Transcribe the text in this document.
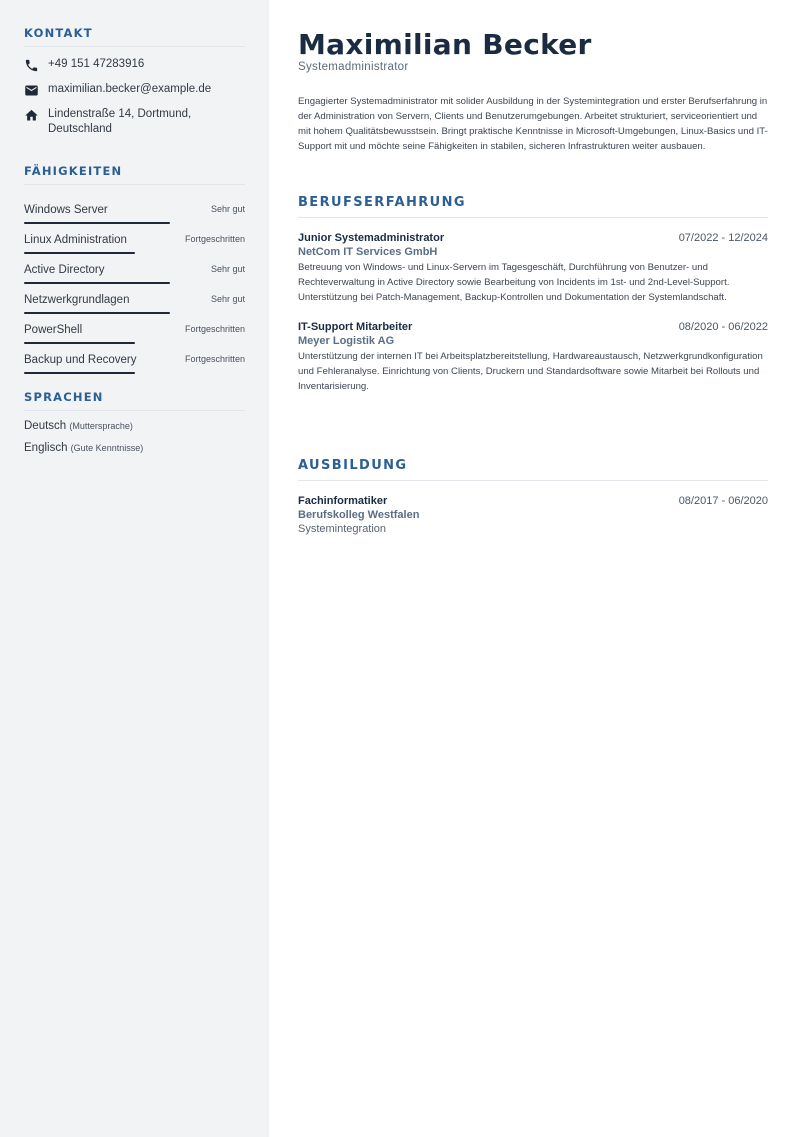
KONTAKT
+49 151 47283916
maximilian.becker@example.de
Lindenstraße 14, Dortmund, Deutschland
FÄHIGKEITEN
Windows Server	Sehr gut
Linux Administration	Fortgeschritten
Active Directory	Sehr gut
Netzwerkgrundlagen	Sehr gut
PowerShell	Fortgeschritten
Backup und Recovery	Fortgeschritten
SPRACHEN
Deutsch (Muttersprache)
Englisch (Gute Kenntnisse)
Maximilian Becker
Systemadministrator

Engagierter Systemadministrator mit solider Ausbildung in der Systemintegration und erster Berufserfahrung in der Administration von Servern, Clients und Benutzerumgebungen. Arbeitet strukturiert, serviceorientiert und mit hohem Qualitätsbewusstsein. Bringt praktische Kenntnisse in Microsoft-Umgebungen, Linux-Basics und IT-Support mit und möchte seine Fähigkeiten in stabilen, sicheren Infrastrukturen weiter ausbauen.

BERUFSERFAHRUNG
Junior Systemadministrator	07/2022 - 12/2024
NetCom IT Services GmbH
Betreuung von Windows- und Linux-Servern im Tagesgeschäft, Durchführung von Benutzer- und Rechteverwaltung in Active Directory sowie Bearbeitung von Incidents im 1st- und 2nd-Level-Support. Unterstützung bei Patch-Management, Backup-Kontrollen und Dokumentation der Systemlandschaft.
IT-Support Mitarbeiter	08/2020 - 06/2022
Meyer Logistik AG
Unterstützung der internen IT bei Arbeitsplatzbereitstellung, Hardwareaustausch, Netzwerkgrundkonfiguration und Fehleranalyse. Einrichtung von Clients, Druckern und Standardsoftware sowie Mitarbeit bei Rollouts und Inventarisierung.
AUSBILDUNG
Fachinformatiker	08/2017 - 06/2020
Berufskolleg Westfalen
Systemintegration
